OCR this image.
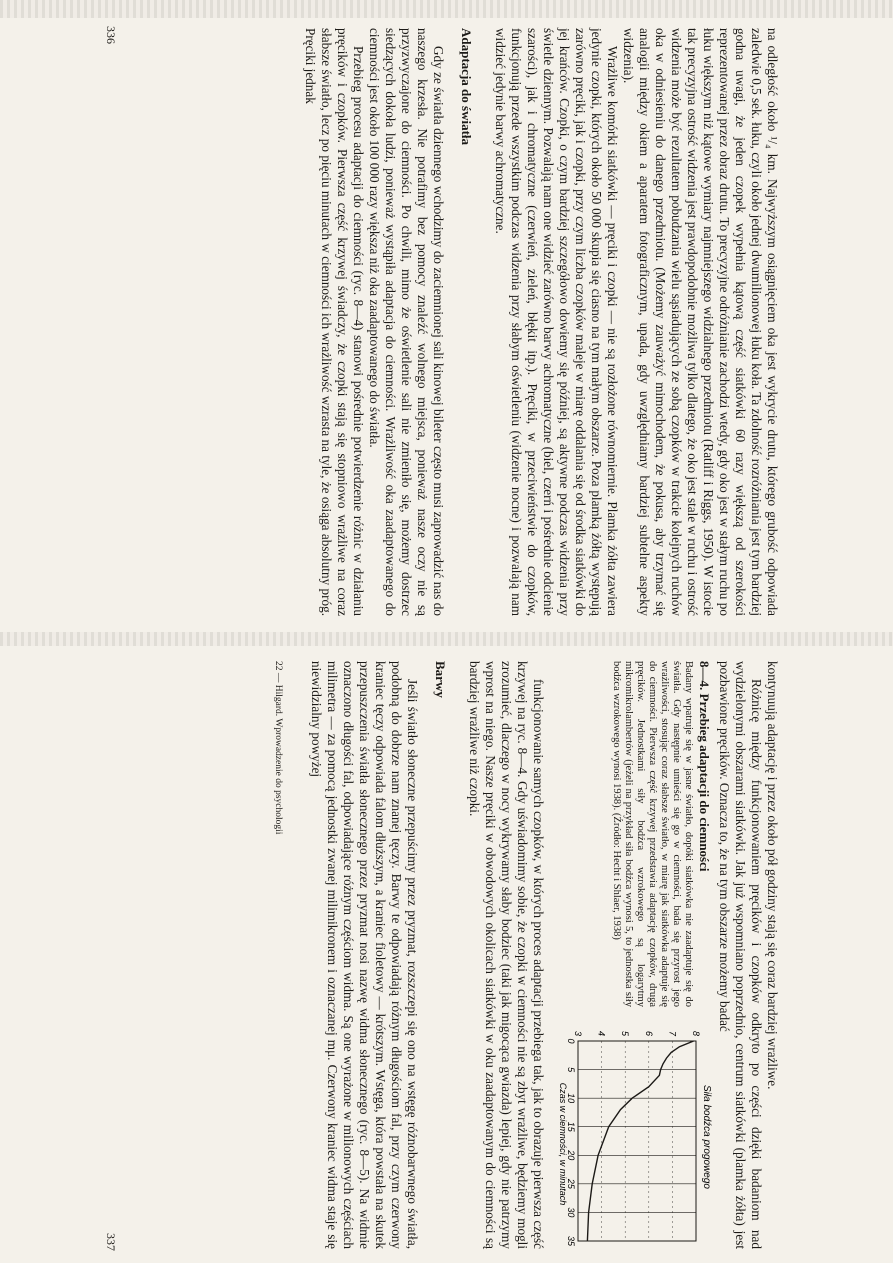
na odległość około ¹/₄ km. Najwyższym osiągnięciem oka jest wykrycie drutu, którego grubość odpowiada zaledwie 0,5 sek. łuku, czyli około jednej dwumilionowej łuku koła. Ta zdolność rozróżniania jest tym bardziej godna uwagi, że jeden czopek wypełnia kątową część siatkówki 60 razy większą od szerokości reprezentowanej przez obraz drutu. To precyzyjne odróżnianie zachodzi wtedy, gdy oko jest w stałym ruchu po łuku większym niż kątowe wymiary najmniejszego widzialnego przedmiotu (Ratliff i Riggs, 1950). W istocie tak precyzyjna ostrość widzenia jest prawdopodobnie możliwa tylko dlatego, że oko jest stale w ruchu i ostrość widzenia może być rezultatem pobudzania wielu sąsiadujących ze sobą czopków w trakcie kolejnych ruchów oka w odniesieniu do danego przedmiotu. (Możemy zauważyć mimochodem, że pokusa, aby trzymać się analogii między okiem a aparatem fotograficznym, upada, gdy uwzględniamy bardziej subtelne aspekty widzenia).

Wrażliwe komórki siatkówki — pręciki i czopki — nie są rozłożone równomiernie. Plamka żółta zawiera jedynie czopki, których około 50 000 skupia się ciasno na tym małym obszarze. Poza plamką żółtą występują zarówno pręciki, jak i czopki, przy czym liczba czopków maleje w miarę oddalania się od środka siatkówki do jej krańców. Czopki, o czym bardziej szczegółowo dowiemy się później, są aktywne podczas widzenia przy świetle dziennym. Pozwalają nam one widzieć zarówno barwy achromatyczne (biel, czerń i pośrednie odcienie szarości), jak i chromatyczne (czerwień, zieleń, błękit itp.). Pręciki, w przeciwieństwie do czopków, funkcjonują przede wszystkim podczas widzenia przy słabym oświetleniu (widzenie nocne) i pozwalają nam widzieć jedynie barwy achromatyczne.

Adaptacja do światła

Gdy ze światła dziennego wchodzimy do zaciemnionej sali kinowej bileter często musi zaprowadzić nas do naszego krzesła. Nie potrafimy bez pomocy znaleźć wolnego miejsca, ponieważ nasze oczy nie są przyzwyczajone do ciemności. Po chwili, mimo że oświetlenie sali nie zmieniło się, możemy dostrzec siedzących dokoła ludzi, ponieważ wystąpiła adaptacja do ciemności. Wrażliwość oka zaadaptowanego do ciemności jest około 100 000 razy większa niż oka zaadaptowanego do światła.

Przebieg procesu adaptacji do ciemności (ryc. 8—4) stanowi pośrednie potwierdzenie różnic w działaniu pręcików i czopków. Pierwsza część krzywej świadczy, że czopki stają się stopniowo wrażliwe na coraz słabsze światło, lecz po pięciu minutach w ciemności ich wrażliwość wzrasta na tyle, że osiąga absolutny próg. Pręciki jednak

336

kontynuują adaptację i przez około pół godziny stają się coraz bardziej wrażliwe.

Różnicę między funkcjonowaniem pręcików i czopków odkryto po części dzięki badaniom nad wydzielonymi obszarami siatkówki. Jak już wspomniano poprzednio, centrum siatkówki (plamka żółta) jest pozbawione pręcików. Oznacza to, że na tym obszarze możemy badać

Siła bodźca progowego
0
5
10
15
20
25
30
35
3 4 5 6 7 8
Czas w ciemności, w minutach
8—4. Przebieg adaptacji do ciemności
Badany wpatruje się w jasne światło, dopóki siatkówka nie zaadaptuje się do światła. Gdy następnie umieści się go w ciemności, bada się przyrost jego wrażliwości, stosując coraz słabsze światło, w miarę jak siatkówka adaptuje się do ciemności. Pierwsza część krzywej przedstawia adaptację czopków, druga pręcików. Jednostkami siły bodźca wzrokowego są logarytmy mikromikrolambertów (jeżeli na przykład siła bodźca wynosi 5, to jednostka siły bodźca wzrokowego wynosi 1938). (Źródło: Hecht i Shlaer, 1938)

funkcjonowanie samych czopków, w których proces adaptacji przebiega tak, jak to obrazuje pierwsza część krzywej na ryc. 8—4. Gdy uświadomimy sobie, że czopki w ciemności nie są zbyt wrażliwe, będziemy mogli zrozumieć, dlaczego w nocy wykrywamy słaby bodziec (taki jak migocąca gwiazda) lepiej, gdy nie patrzymy wprost na niego. Nasze pręciki w obwodowych okolicach siatkówki w oku zaadaptowanym do ciemności są bardziej wrażliwe niż czopki.

Barwy

Jeśli światło słoneczne przepuścimy przez pryzmat, rozszczepi się ono na wstęgę różnobarwnego światła, podobną do dobrze nam znanej tęczy. Barwy te odpowiadają różnym długościom fal, przy czym czerwony kraniec tęczy odpowiada falom dłuższym, a kraniec fioletowy — krótszym. Wstęga, która powstała na skutek przepuszczenia światła słonecznego przez pryzmat nosi nazwę widma słonecznego (ryc. 8—5). Na widmie oznaczono długości fal, odpowiadające różnym częściom widma. Są one wyrażone w milionowych częściach milimetra — za pomocą jednostki zwanej milimikronem i oznaczanej mμ. Czerwony kraniec widma staje się niewidzialny powyżej

22 — Hilgard. Wprowadzenie do psychologii
337
